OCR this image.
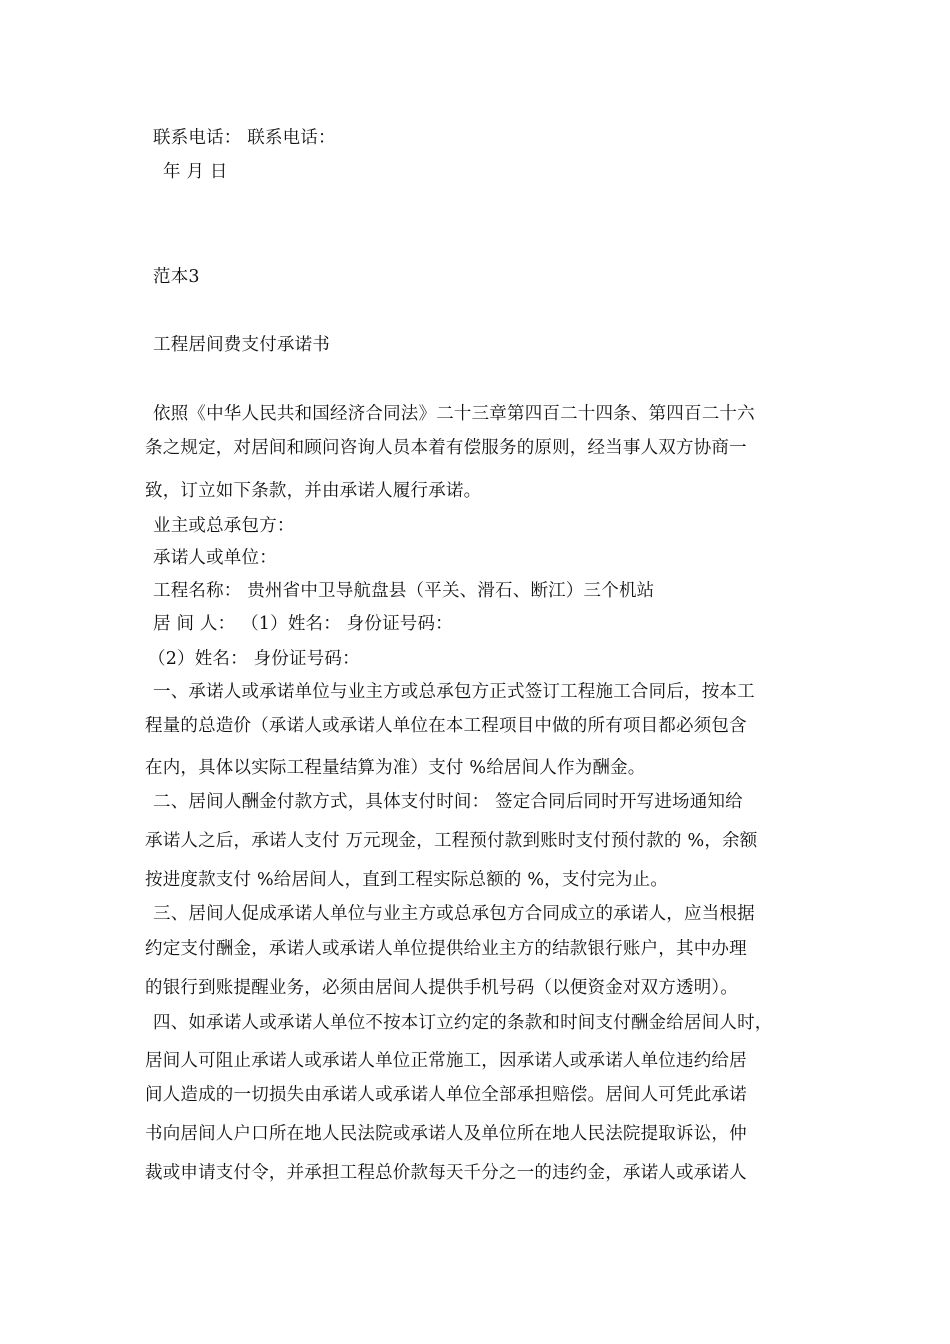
联系电话： 联系电话：
年 月 日
范本3
工程居间费支付承诺书
依照《中华人民共和国经济合同法》二十三章第四百二十四条、第四百二十六
条之规定，对居间和顾问咨询人员本着有偿服务的原则，经当事人双方协商一
致，订立如下条款，并由承诺人履行承诺。
业主或总承包方：
承诺人或单位：
工程名称： 贵州省中卫导航盘县（平关、滑石、断江）三个机站
居 间 人： （1）姓名： 身份证号码：
（2）姓名： 身份证号码：
一、承诺人或承诺单位与业主方或总承包方正式签订工程施工合同后，按本工
程量的总造价（承诺人或承诺人单位在本工程项目中做的所有项目都必须包含
在内，具体以实际工程量结算为准）支付 %给居间人作为酬金。
二、居间人酬金付款方式，具体支付时间： 签定合同后同时开写进场通知给
承诺人之后，承诺人支付 万元现金，工程预付款到账时支付预付款的 %，余额
按进度款支付 %给居间人，直到工程实际总额的 %，支付完为止。
三、居间人促成承诺人单位与业主方或总承包方合同成立的承诺人，应当根据
约定支付酬金，承诺人或承诺人单位提供给业主方的结款银行账户，其中办理
的银行到账提醒业务，必须由居间人提供手机号码（以便资金对双方透明）。
四、如承诺人或承诺人单位不按本订立约定的条款和时间支付酬金给居间人时，
居间人可阻止承诺人或承诺人单位正常施工，因承诺人或承诺人单位违约给居
间人造成的一切损失由承诺人或承诺人单位全部承担赔偿。居间人可凭此承诺
书向居间人户口所在地人民法院或承诺人及单位所在地人民法院提取诉讼，仲
裁或申请支付令，并承担工程总价款每天千分之一的违约金，承诺人或承诺人
